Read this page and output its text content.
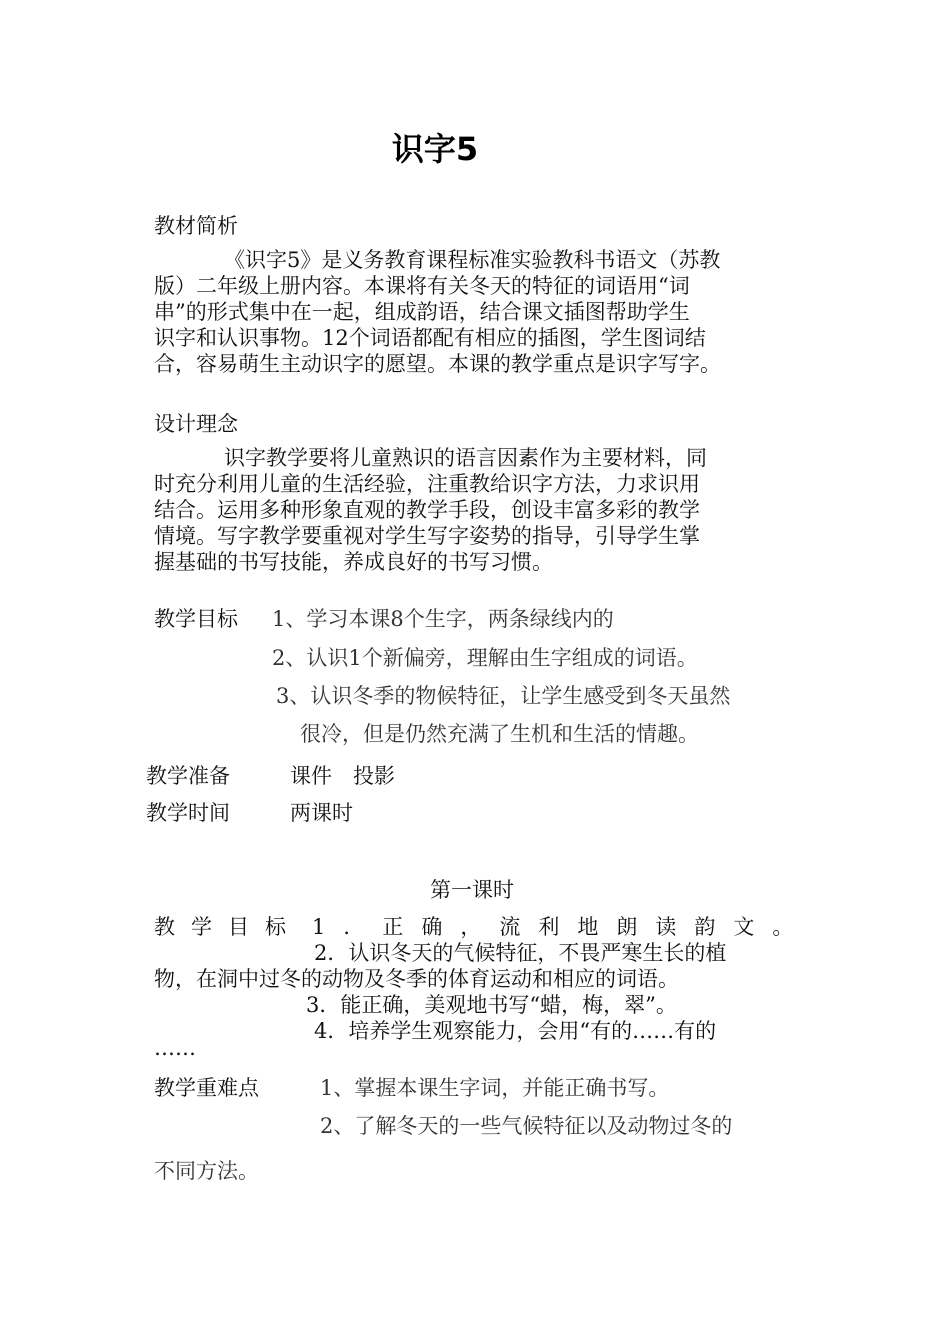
识字5
教材简析
《识字5》是义务教育课程标准实验教科书语文（苏教
版）二年级上册内容。本课将有关冬天的特征的词语用“词
串”的形式集中在一起，组成韵语，结合课文插图帮助学生
识字和认识事物。12个词语都配有相应的插图，学生图词结
合，容易萌生主动识字的愿望。本课的教学重点是识字写字。
设计理念
识字教学要将儿童熟识的语言因素作为主要材料，同
时充分利用儿童的生活经验，注重教给识字方法，力求识用
结合。运用多种形象直观的教学手段，创设丰富多彩的教学
情境。写字教学要重视对学生写字姿势的指导，引导学生掌
握基础的书写技能，养成良好的书写习惯。
教学目标 1、学习本课8个生字，两条绿线内的
2、认识1个新偏旁，理解由生字组成的词语。
3、认识冬季的物候特征，让学生感受到冬天虽然
很冷，但是仍然充满了生机和生活的情趣。
教学准备	课件　投影
教学时间	两课时
第一课时
教学目标 1．正确，流利地朗读韵文。
2．认识冬天的气候特征，不畏严寒生长的植
物，在洞中过冬的动物及冬季的体育运动和相应的词语。
3．能正确，美观地书写“蜡，梅，翠”。
4．培养学生观察能力，会用“有的……有的
……
教学重难点	1、掌握本课生字词，并能正确书写。
2、了解冬天的一些气候特征以及动物过冬的
不同方法。
